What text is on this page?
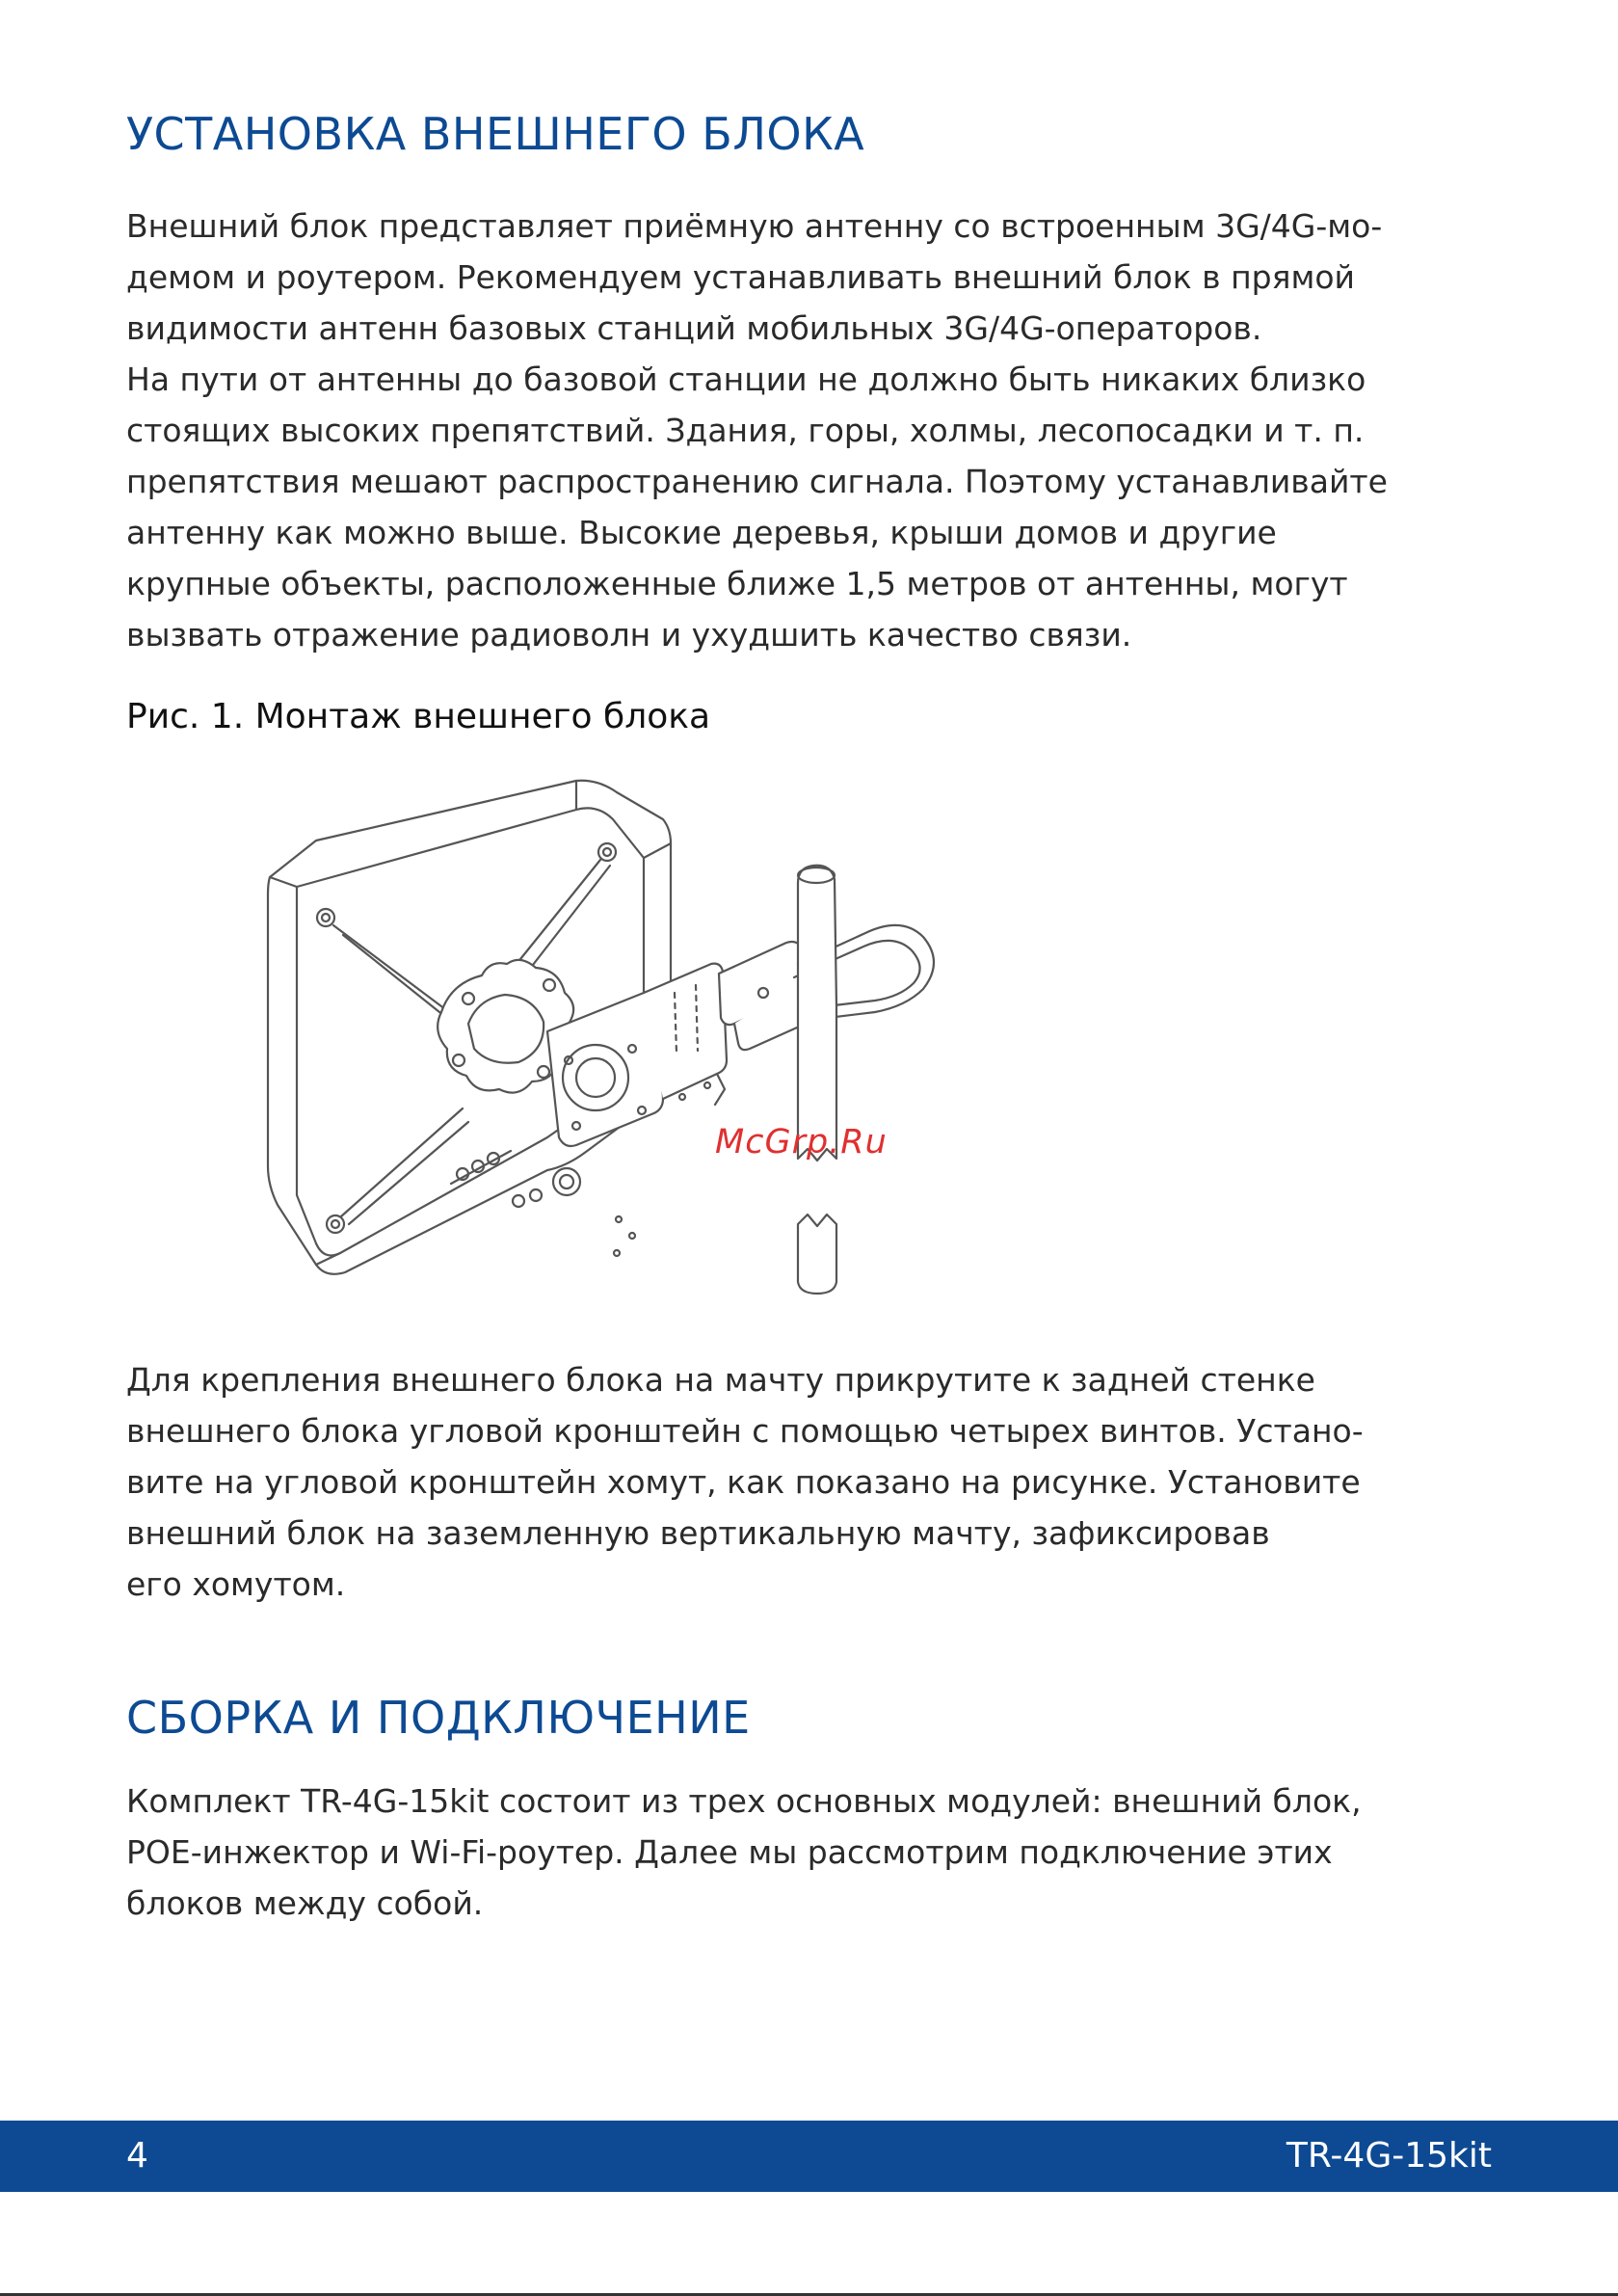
УСТАНОВКА ВНЕШНЕГО БЛОКА
Внешний блок представляет приёмную антенну со встроенным 3G/4G-мо-
демом и роутером. Рекомендуем устанавливать внешний блок в прямой
видимости антенн базовых станций мобильных 3G/4G-операторов.
На пути от антенны до базовой станции не должно быть никаких близко
стоящих высоких препятствий. Здания, горы, холмы, лесопосадки и т. п.
препятствия мешают распространению сигнала. Поэтому устанавливайте
антенну как можно выше. Высокие деревья, крыши домов и другие
крупные объекты, расположенные ближе 1,5 метров от антенны, могут
вызвать отражение радиоволн и ухудшить качество связи.

Рис. 1. Монтаж внешнего блока

McGrp.Ru
Для крепления внешнего блока на мачту прикрутите к задней стенке
внешнего блока угловой кронштейн с помощью четырех винтов. Устано-
вите на угловой кронштейн хомут, как показано на рисунке. Установите
внешний блок на заземленную вертикальную мачту, зафиксировав
его хомутом.
СБОРКА И ПОДКЛЮЧЕНИЕ
Комплект TR-4G-15kit состоит из трех основных модулей: внешний блок,
POE-инжектор и Wi-Fi-роутер. Далее мы рассмотрим подключение этих
блоков между собой.
4	TR-4G-15kit
